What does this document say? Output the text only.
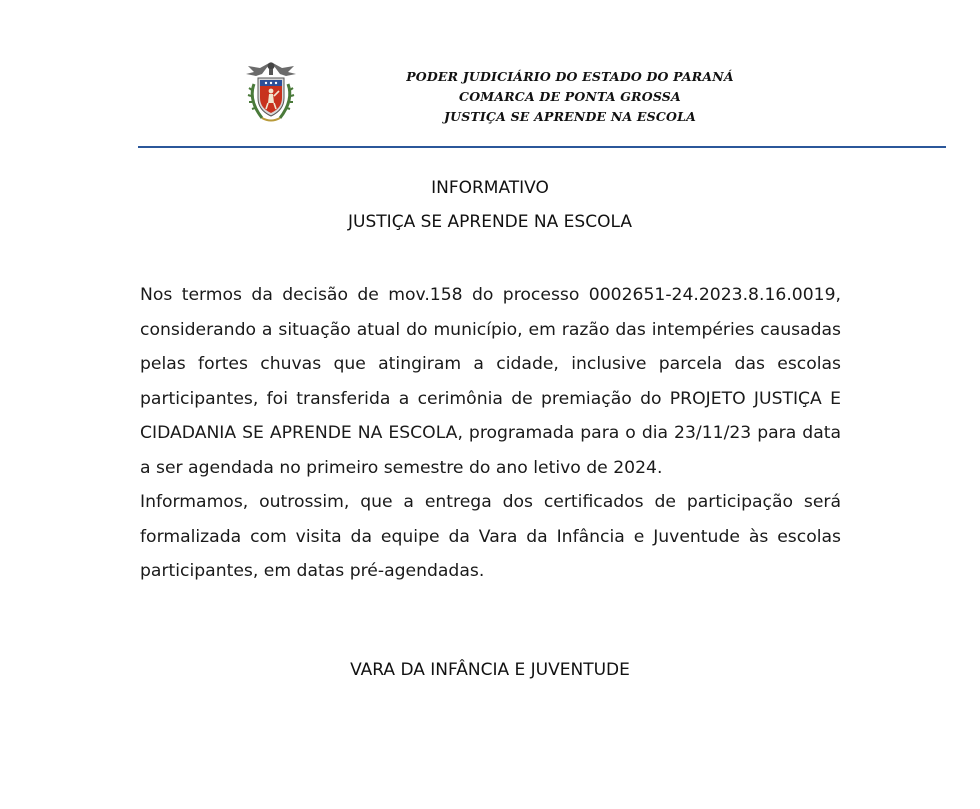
PODER JUDICIÁRIO DO ESTADO DO PARANÁ
COMARCA DE PONTA GROSSA
JUSTIÇA SE APRENDE NA ESCOLA
INFORMATIVO
JUSTIÇA SE APRENDE NA ESCOLA

Nos termos da decisão de mov.158 do processo 0002651-24.2023.8.16.0019, considerando a situação atual do município, em razão das intempéries causadas pelas fortes chuvas que atingiram a cidade, inclusive parcela das escolas participantes, foi transferida a cerimônia de premiação do PROJETO JUSTIÇA E CIDADANIA SE APRENDE NA ESCOLA, programada para o dia 23/11/23 para data a ser agendada no primeiro semestre do ano letivo de 2024.

Informamos, outrossim, que a entrega dos certificados de participação será formalizada com visita da equipe da Vara da Infância e Juventude às escolas participantes, em datas pré-agendadas.

VARA DA INFÂNCIA E JUVENTUDE
